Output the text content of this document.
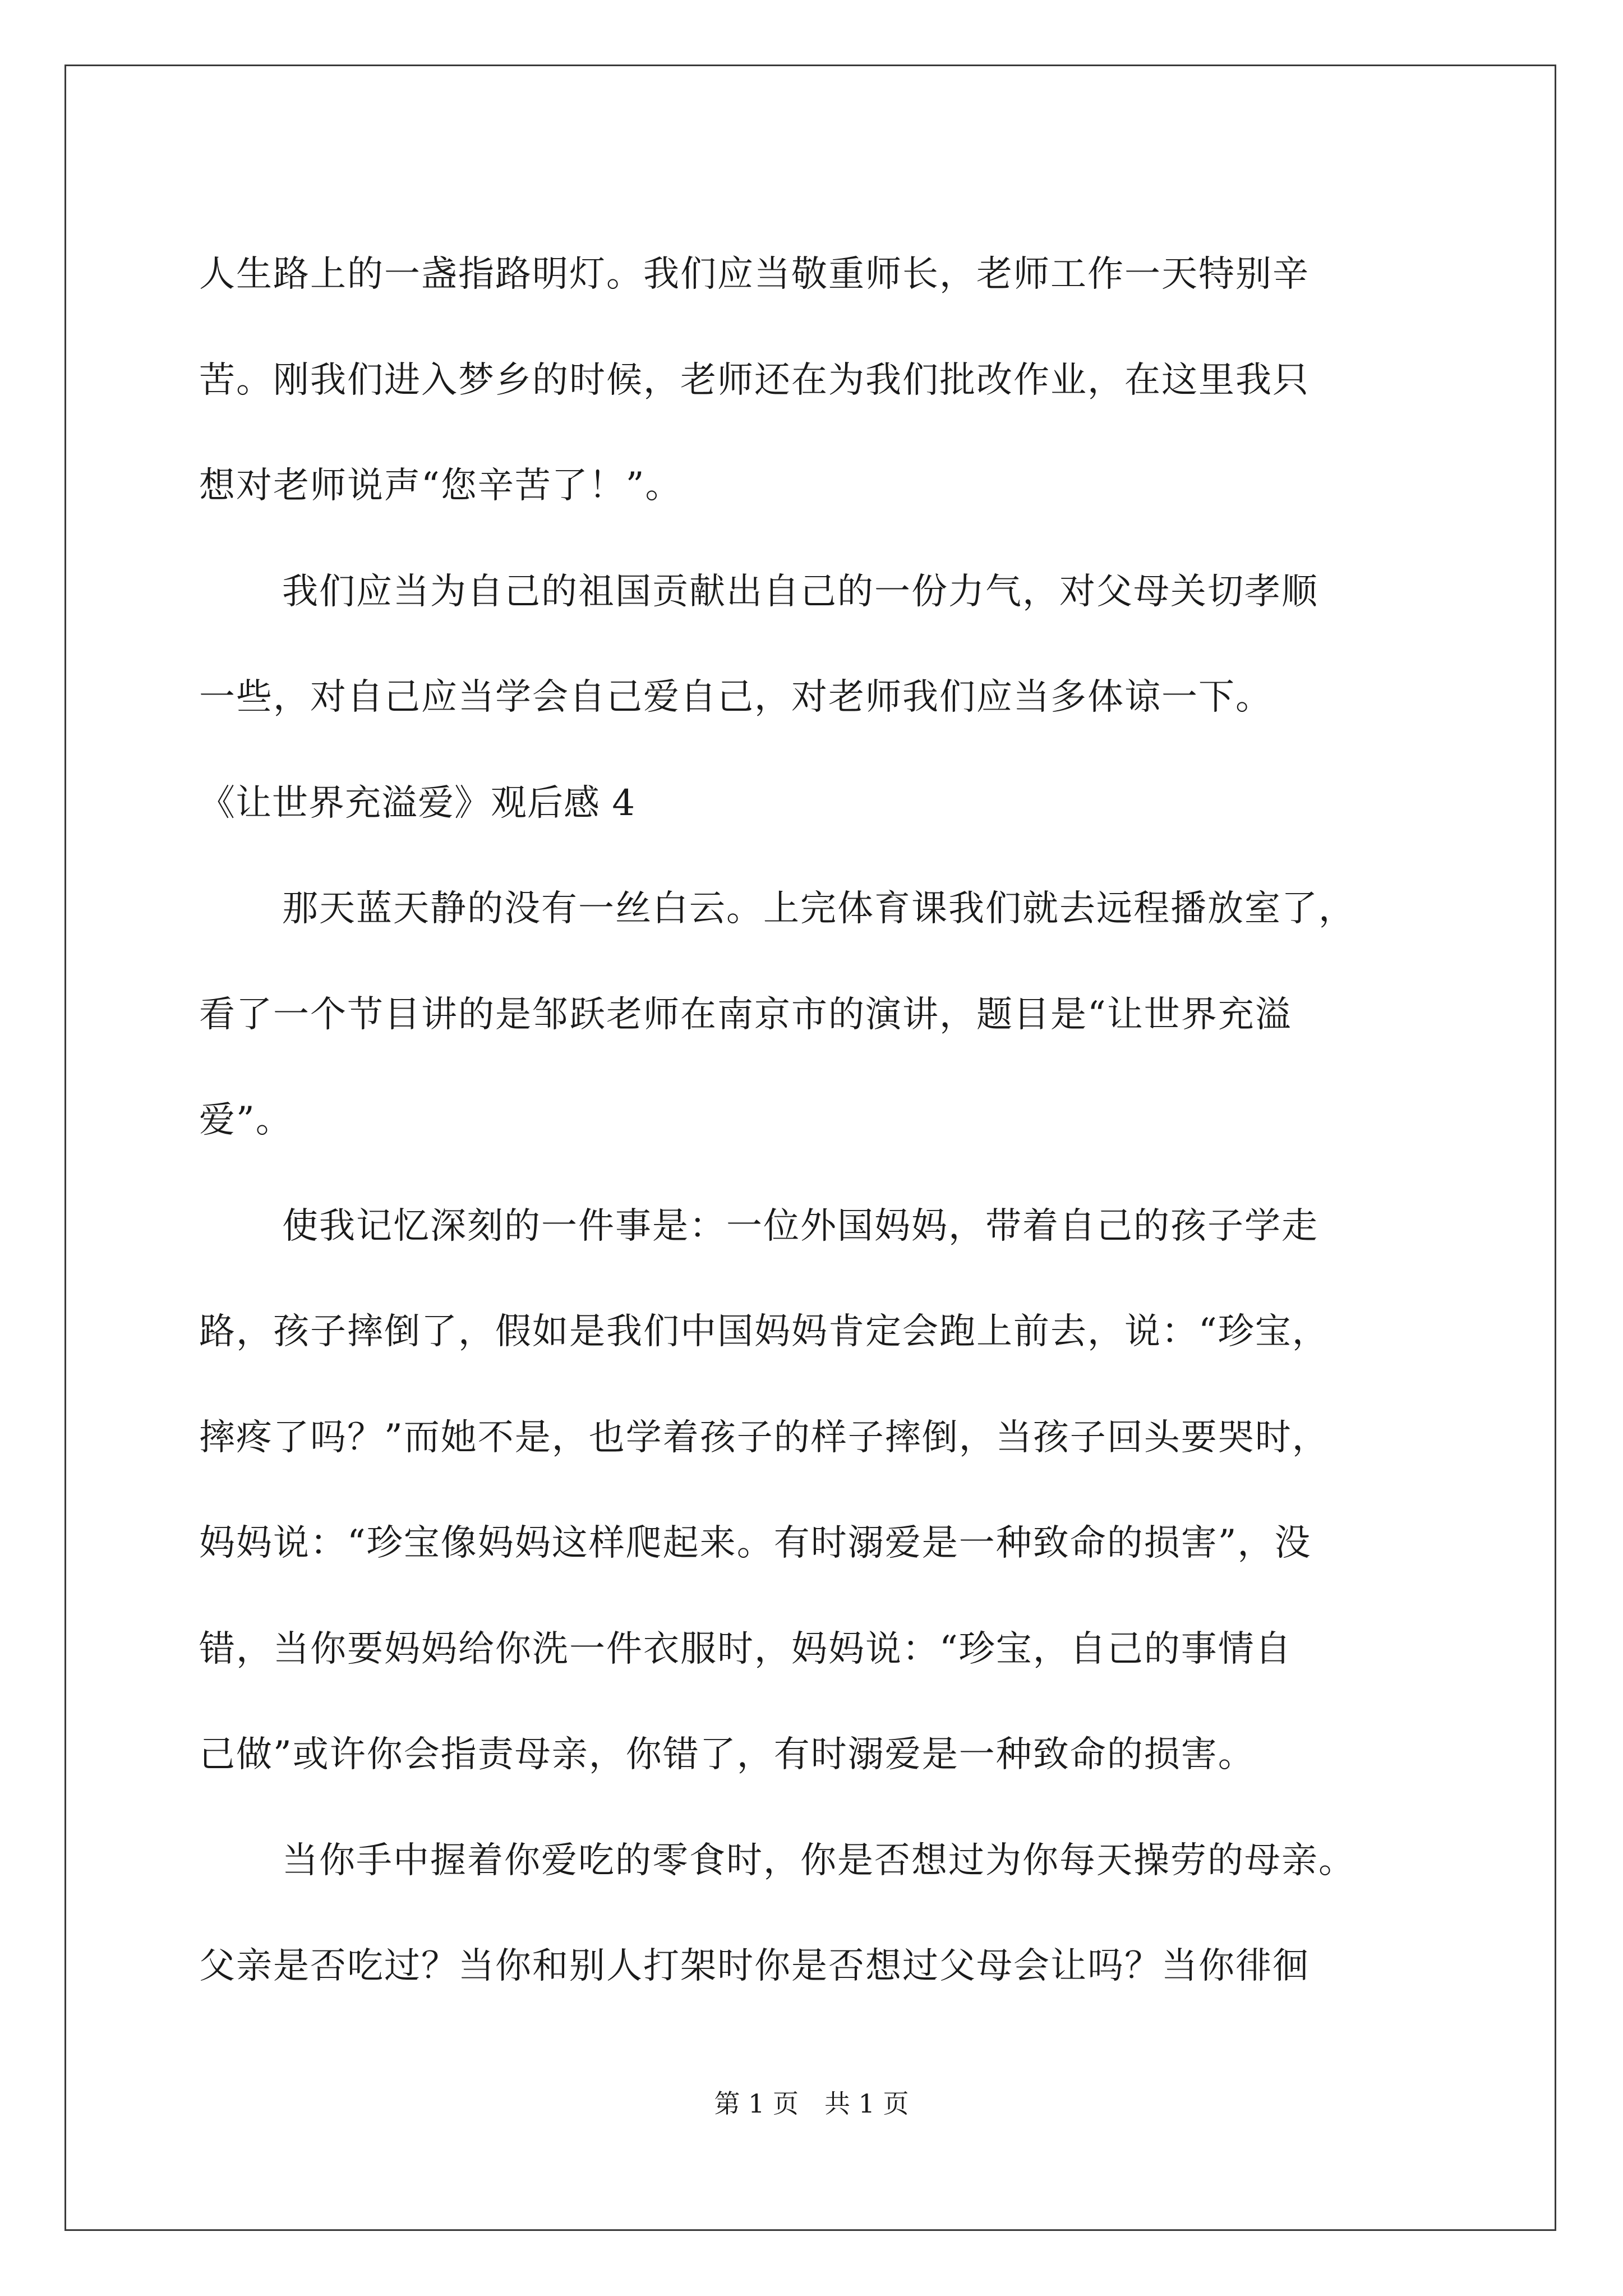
人生路上的一盏指路明灯。我们应当敬重师长，老师工作一天特别辛
苦。刚我们进入梦乡的时候，老师还在为我们批改作业，在这里我只
想对老师说声“您辛苦了！”。
我们应当为自己的祖国贡献出自己的一份力气，对父母关切孝顺
一些，对自己应当学会自己爱自己，对老师我们应当多体谅一下。
《让世界充溢爱》观后感 4
那天蓝天静的没有一丝白云。上完体育课我们就去远程播放室了，
看了一个节目讲的是邹跃老师在南京市的演讲，题目是“让世界充溢
爱”。
使我记忆深刻的一件事是：一位外国妈妈，带着自己的孩子学走
路，孩子摔倒了，假如是我们中国妈妈肯定会跑上前去，说：“珍宝，
摔疼了吗？”而她不是，也学着孩子的样子摔倒，当孩子回头要哭时，
妈妈说：“珍宝像妈妈这样爬起来。有时溺爱是一种致命的损害”，没
错，当你要妈妈给你洗一件衣服时，妈妈说：“珍宝，自己的事情自
己做”或许你会指责母亲，你错了，有时溺爱是一种致命的损害。
当你手中握着你爱吃的零食时，你是否想过为你每天操劳的母亲。
父亲是否吃过？当你和别人打架时你是否想过父母会让吗？当你徘徊
第 1 页 共 1 页
